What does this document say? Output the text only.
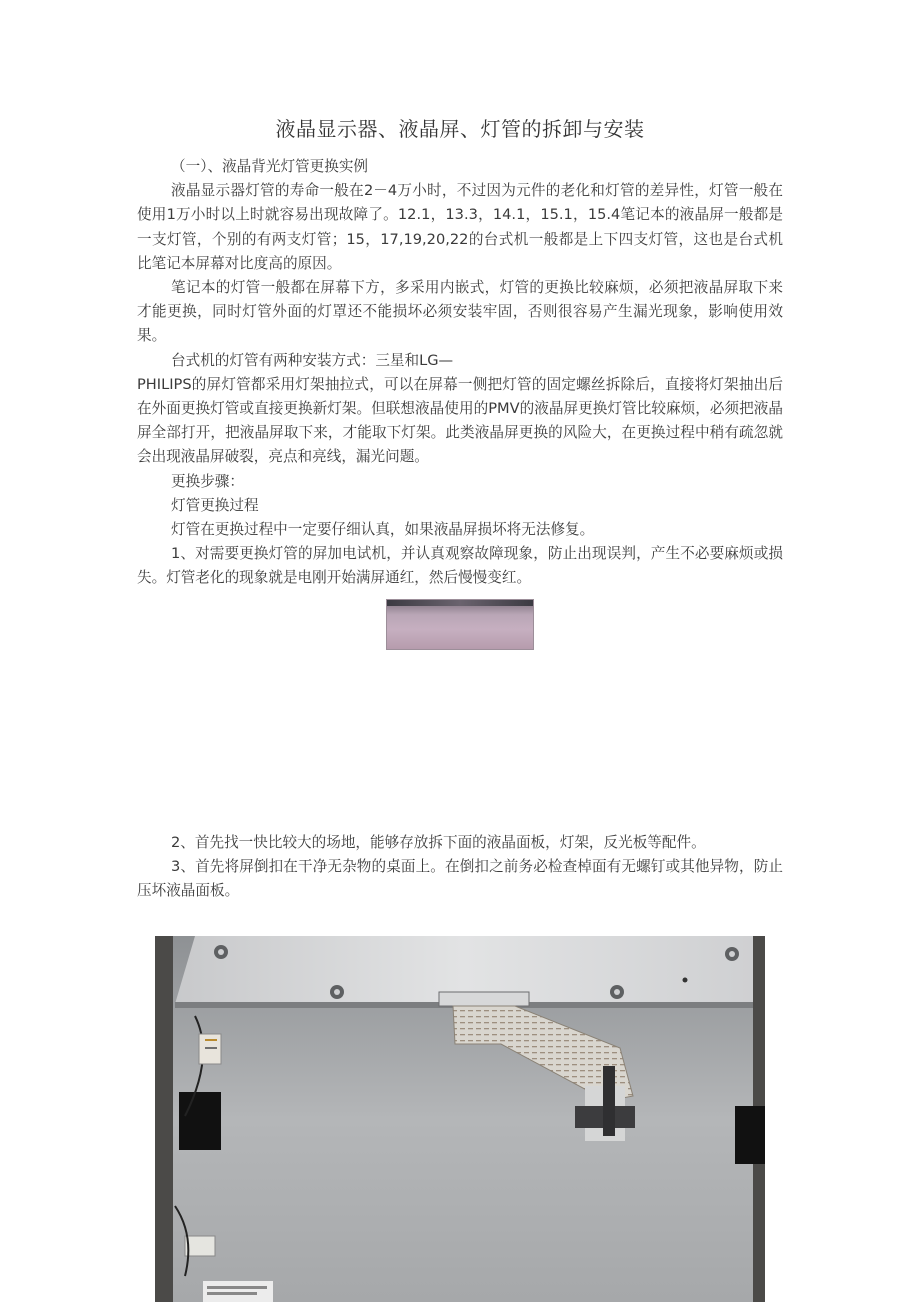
液晶显示器、液晶屏、灯管的拆卸与安装

（一）、液晶背光灯管更换实例

液晶显示器灯管的寿命一般在2－4万小时，不过因为元件的老化和灯管的差异性，灯管一般在使用1万小时以上时就容易出现故障了。12.1，13.3，14.1，15.1，15.4笔记本的液晶屏一般都是一支灯管，个别的有两支灯管；15，17,19,20,22的台式机一般都是上下四支灯管，这也是台式机比笔记本屏幕对比度高的原因。

笔记本的灯管一般都在屏幕下方，多采用内嵌式，灯管的更换比较麻烦，必须把液晶屏取下来才能更换，同时灯管外面的灯罩还不能损坏必须安装牢固，否则很容易产生漏光现象，影响使用效果。

台式机的灯管有两种安装方式：三星和LG—

PHILIPS的屏灯管都采用灯架抽拉式，可以在屏幕一侧把灯管的固定螺丝拆除后，直接将灯架抽出后在外面更换灯管或直接更换新灯架。但联想液晶使用的PMV的液晶屏更换灯管比较麻烦，必须把液晶屏全部打开，把液晶屏取下来，才能取下灯架。此类液晶屏更换的风险大，在更换过程中稍有疏忽就会出现液晶屏破裂，亮点和亮线，漏光问题。

更换步骤：

灯管更换过程

灯管在更换过程中一定要仔细认真，如果液晶屏损坏将无法修复。

1、对需要更换灯管的屏加电试机，并认真观察故障现象，防止出现误判，产生不必要麻烦或损失。灯管老化的现象就是电刚开始满屏通红，然后慢慢变红。

2、首先找一快比较大的场地，能够存放拆下面的液晶面板，灯架，反光板等配件。

3、首先将屏倒扣在干净无杂物的桌面上。在倒扣之前务必检查棹面有无螺钉或其他异物，防止压坏液晶面板。
